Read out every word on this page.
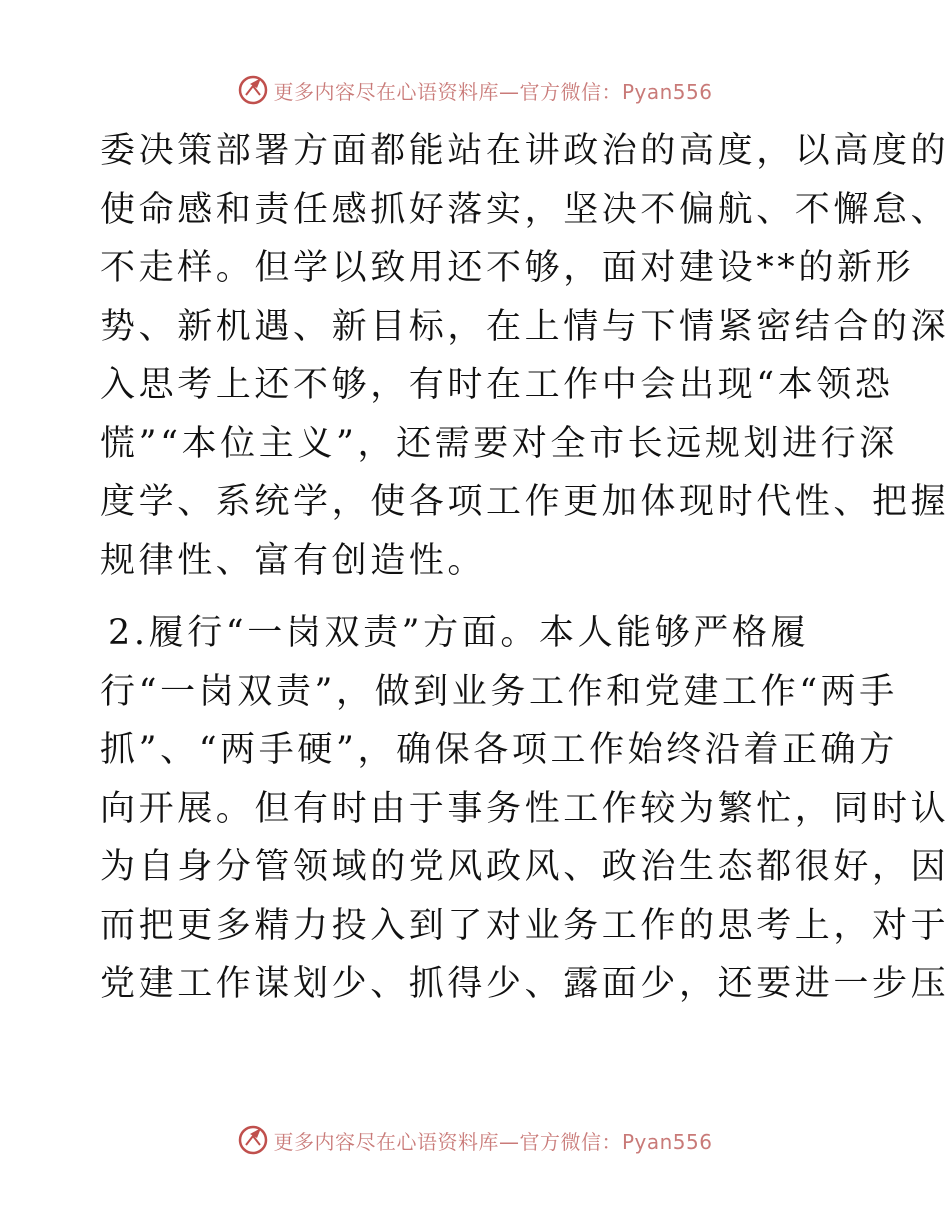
更多内容尽在心语资料库—官方微信：Pyan556
委决策部署方面都能站在讲政治的高度，以高度的
使命感和责任感抓好落实，坚决不偏航、不懈怠、
不走样。但学以致用还不够，面对建设**的新形
势、新机遇、新目标，在上情与下情紧密结合的深
入思考上还不够，有时在工作中会出现“本领恐
慌”“本位主义”，还需要对全市长远规划进行深
度学、系统学，使各项工作更加体现时代性、把握
规律性、富有创造性。
2.履行“一岗双责”方面。本人能够严格履
行“一岗双责”，做到业务工作和党建工作“两手
抓”、“两手硬”，确保各项工作始终沿着正确方
向开展。但有时由于事务性工作较为繁忙，同时认
为自身分管领域的党风政风、政治生态都很好，因
而把更多精力投入到了对业务工作的思考上，对于
党建工作谋划少、抓得少、露面少，还要进一步压
更多内容尽在心语资料库—官方微信：Pyan556
